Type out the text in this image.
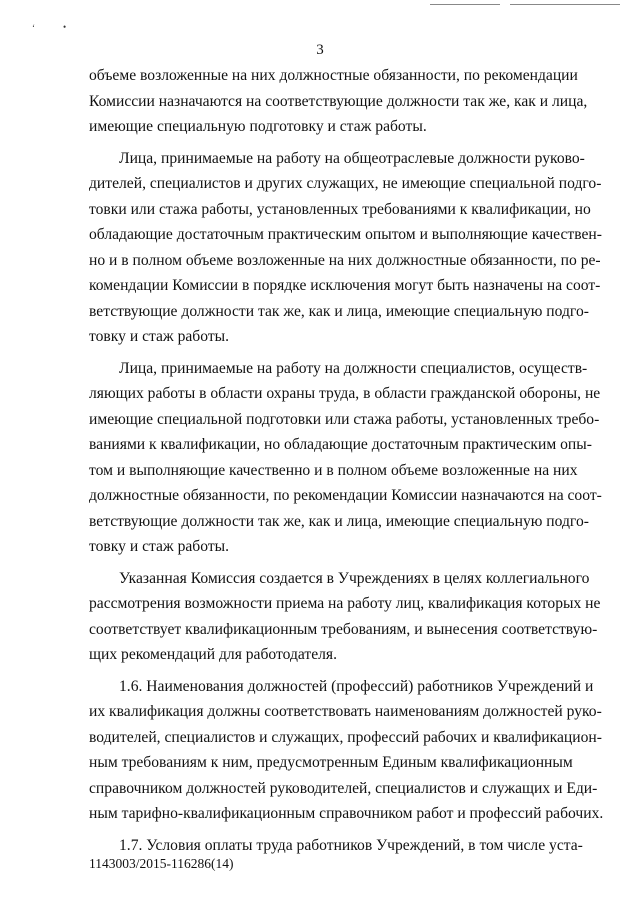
‘	•
3
объеме возложенные на них должностные обязанности, по рекомендации
Комиссии назначаются на соответствующие должности так же, как и лица,
имеющие специальную подготовку и стаж работы.
Лица, принимаемые на работу на общеотраслевые должности руково-
дителей, специалистов и других служащих, не имеющие специальной подго-
товки или стажа работы, установленных требованиями к квалификации, но
обладающие достаточным практическим опытом и выполняющие качествен-
но и в полном объеме возложенные на них должностные обязанности, по ре-
комендации Комиссии в порядке исключения могут быть назначены на соот-
ветствующие должности так же, как и лица, имеющие специальную подго-
товку и стаж работы.
Лица, принимаемые на работу на должности специалистов, осуществ-
ляющих работы в области охраны труда, в области гражданской обороны, не
имеющие специальной подготовки или стажа работы, установленных требо-
ваниями к квалификации, но обладающие достаточным практическим опы-
том и выполняющие качественно и в полном объеме возложенные на них
должностные обязанности, по рекомендации Комиссии назначаются на соот-
ветствующие должности так же, как и лица, имеющие специальную подго-
товку и стаж работы.
Указанная Комиссия создается в Учреждениях в целях коллегиального
рассмотрения возможности приема на работу лиц, квалификация которых не
соответствует квалификационным требованиям, и вынесения соответствую-
щих рекомендаций для работодателя.
1.6. Наименования должностей (профессий) работников Учреждений и
их квалификация должны соответствовать наименованиям должностей руко-
водителей, специалистов и служащих, профессий рабочих и квалификацион-
ным требованиям к ним, предусмотренным Единым квалификационным
справочником должностей руководителей, специалистов и служащих и Еди-
ным тарифно-квалификационным справочником работ и профессий рабочих.
1.7. Условия оплаты труда работников Учреждений, в том числе уста-
1143003/2015-116286(14)
